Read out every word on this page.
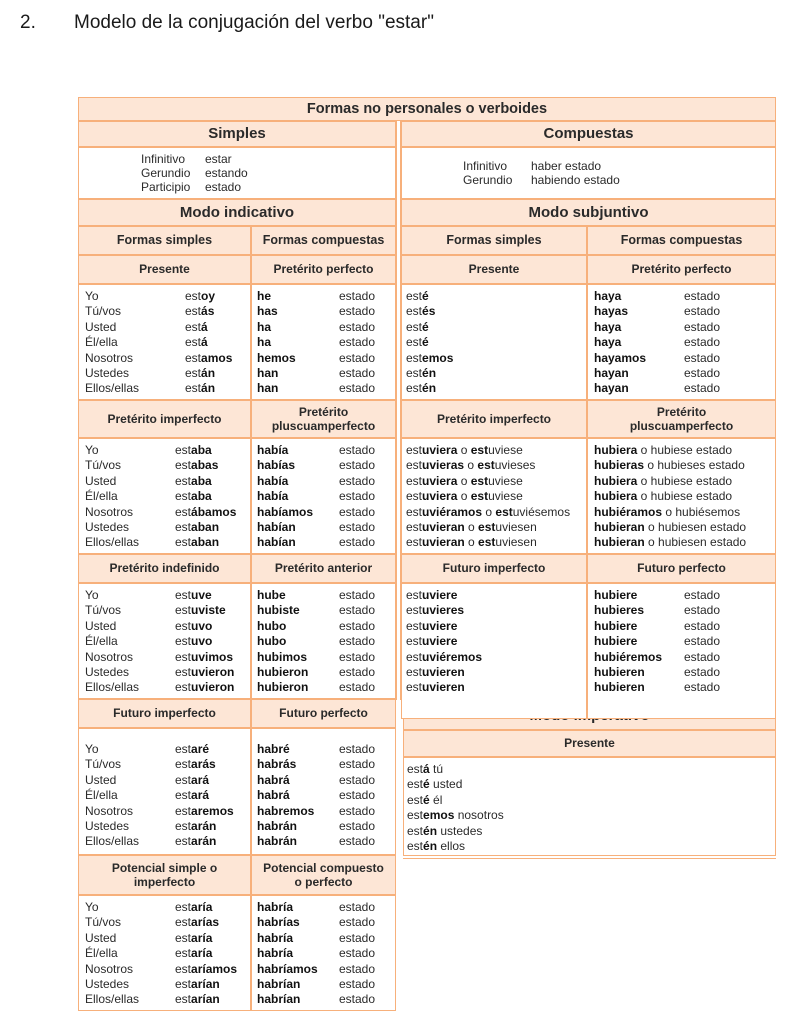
2. Modelo de la conjugación del verbo "estar"
Formas no personales o verboides
Simples	Compuestas
Infinitivo estar
Gerundio estando
Participio estado
Infinitivo haber estado
Gerundio habiendo estado
Modo indicativo	Modo subjuntivo
Formas simples	Formas compuestas	Formas simples	Formas compuestas
Presente
está tú
esté usted
esté él
estemos nosotros
estén ustedes
estén ellos
Presente	Pretérito perfecto
Yo	estoy
Tú/vos	estás
Usted	está
Él/ella	está
Nosotros	estamos
Ustedes	están
Ellos/ellas	están
he	estado
has	estado
ha	estado
ha	estado
hemos	estado
han	estado
han	estado
Pretérito imperfecto
Pretérito pluscuamperfecto
Yo	estaba
Tú/vos	estabas
Usted	estaba
Él/ella	estaba
Nosotros	estábamos
Ustedes	estaban
Ellos/ellas	estaban
había	estado
habías	estado
había	estado
había	estado
habíamos estado
habían	estado
habían	estado
Pretérito indefinido	Pretérito anterior
Yo	estuve
Tú/vos	estuviste
Usted	estuvo
Él/ella	estuvo
Nosotros	estuvimos
Ustedes	estuvieron
Ellos/ellas	estuvieron
hube	estado
hubiste	estado
hubo	estado
hubo	estado
hubimos	estado
hubieron	estado
hubieron	estado
Futuro imperfecto	Futuro perfecto
Yo	estaré
Tú/vos	estarás
Usted	estará
Él/ella	estará
Nosotros	estaremos
Ustedes	estarán
Ellos/ellas	estarán
habré	estado
habrás	estado
habrá	estado
habrá	estado
habremos estado
habrán	estado
habrán	estado
Potencial simple o imperfecto
Potencial compuesto o perfecto
Yo	estaría
Tú/vos	estarías
Usted	estaría
Él/ella	estaría
Nosotros	estaríamos
Ustedes	estarían
Ellos/ellas	estarían
habría	estado
habrías	estado
habría	estado
habría	estado
habríamos estado
habrían	estado
habrían	estado
Presente	Pretérito perfecto
esté
estés
esté
esté
estemos
estén
estén
haya	estado
hayas	estado
haya	estado
haya	estado
hayamos	estado
hayan	estado
hayan	estado
Pretérito imperfecto
Pretérito pluscuamperfecto
estuviera o estuviese
estuvieras o estuvieses
estuviera o estuviese
estuviera o estuviese
estuviéramos o estuviésemos
estuvieran o estuviesen
estuvieran o estuviesen
hubiera o hubiese estado
hubieras o hubieses estado
hubiera o hubiese estado
hubiera o hubiese estado
hubiéramos o hubiésemos
hubieran o hubiesen estado
hubieran o hubiesen estado
Futuro imperfecto	Futuro perfecto
estuviere
estuvieres
estuviere
estuviere
estuviéremos
estuvieren
estuvieren
hubiere	estado
hubieres	estado
hubiere	estado
hubiere	estado
hubiéremos estado
hubieren	estado
hubieren	estado
